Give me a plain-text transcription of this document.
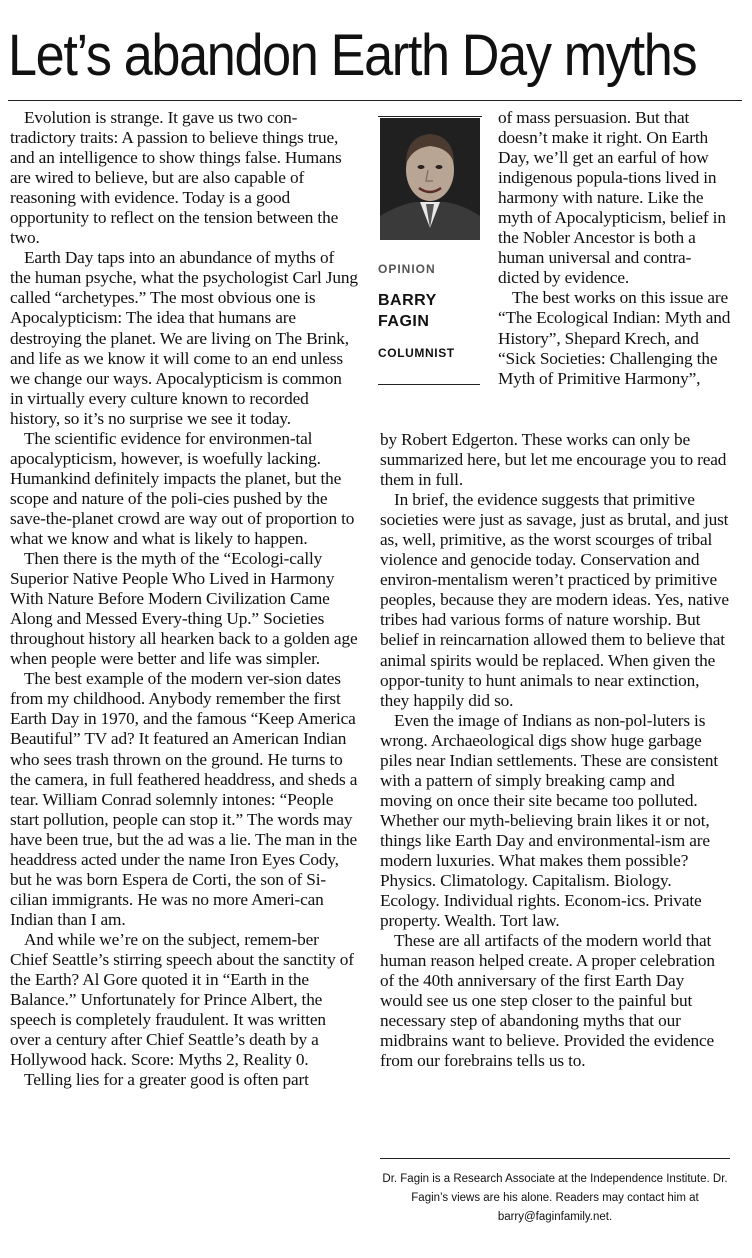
Let’s abandon Earth Day myths

Evolution is strange. It gave us two con-tradictory traits: A passion to believe things true, and an intelligence to show things false. Humans are wired to believe, but are also capable of reasoning with evidence. Today is a good opportunity to reflect on the tension between the two.

Earth Day taps into an abundance of myths of the human psyche, what the psychologist Carl Jung called “archetypes.” The most obvious one is Apocalypticism: The idea that humans are destroying the planet. We are living on The Brink, and life as we know it will come to an end unless we change our ways. Apocalypticism is common in virtually every culture known to recorded history, so it’s no surprise we see it today.

The scientific evidence for environmen-tal apocalypticism, however, is woefully lacking. Humankind definitely impacts the planet, but the scope and nature of the poli-cies pushed by the save-the-planet crowd are way out of proportion to what we know and what is likely to happen.

Then there is the myth of the “Ecologi-cally Superior Native People Who Lived in Harmony With Nature Before Modern Civilization Came Along and Messed Every-thing Up.” Societies throughout history all hearken back to a golden age when people were better and life was simpler.

The best example of the modern ver-sion dates from my childhood. Anybody remember the first Earth Day in 1970, and the famous “Keep America Beautiful” TV ad? It featured an American Indian who sees trash thrown on the ground. He turns to the camera, in full feathered headdress, and sheds a tear. William Conrad solemnly intones: “People start pollution, people can stop it.” The words may have been true, but the ad was a lie. The man in the headdress acted under the name Iron Eyes Cody, but he was born Espera de Corti, the son of Si-cilian immigrants. He was no more Ameri-can Indian than I am.

And while we’re on the subject, remem-ber Chief Seattle’s stirring speech about the sanctity of the Earth? Al Gore quoted it in “Earth in the Balance.” Unfortunately for Prince Albert, the speech is completely fraudulent. It was written over a century after Chief Seattle’s death by a Hollywood hack. Score: Myths 2, Reality 0.

Telling lies for a greater good is often part

OPINION

BARRY

FAGIN

COLUMNIST

of mass persuasion. But that doesn’t make it right. On Earth Day, we’ll get an earful of how indigenous popula-tions lived in harmony with nature. Like the myth of Apocalypticism, belief in the Nobler Ancestor is both a human universal and contra-dicted by evidence.

The best works on this issue are “The Ecological Indian: Myth and History”, Shepard Krech, and “Sick Societies: Challenging the Myth of Primitive Harmony”,

by Robert Edgerton. These works can only be summarized here, but let me encourage you to read them in full.

In brief, the evidence suggests that primitive societies were just as savage, just as brutal, and just as, well, primitive, as the worst scourges of tribal violence and genocide today. Conservation and environ-mentalism weren’t practiced by primitive peoples, because they are modern ideas. Yes, native tribes had various forms of nature worship. But belief in reincarnation allowed them to believe that animal spirits would be replaced. When given the oppor-tunity to hunt animals to near extinction, they happily did so.

Even the image of Indians as non-pol-luters is wrong. Archaeological digs show huge garbage piles near Indian settlements. These are consistent with a pattern of simply breaking camp and moving on once their site became too polluted. Whether our myth-believing brain likes it or not, things like Earth Day and environmental-ism are modern luxuries. What makes them possible? Physics. Climatology. Capitalism. Biology. Ecology. Individual rights. Econom-ics. Private property. Wealth. Tort law.

These are all artifacts of the modern world that human reason helped create. A proper celebration of the 40th anniversary of the first Earth Day would see us one step closer to the painful but necessary step of abandoning myths that our midbrains want to believe. Provided the evidence from our forebrains tells us to.

Dr. Fagin is a Research Associate at the Independence Institute. Dr. Fagin’s views are his alone. Readers may contact him at barry@faginfamily.net.
